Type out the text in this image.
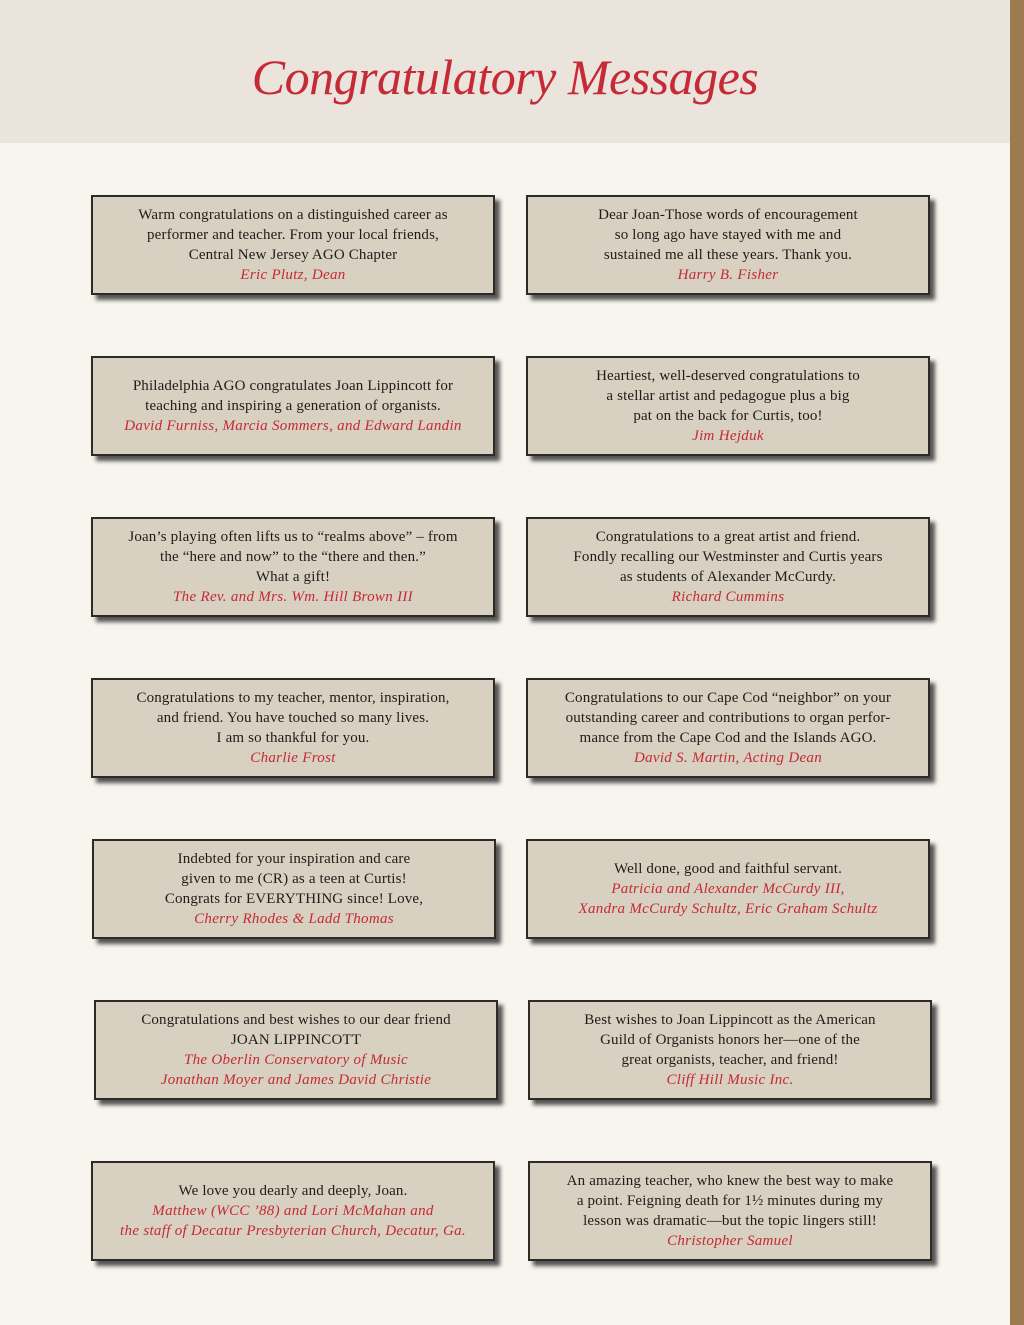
Congratulatory Messages
Warm congratulations on a distinguished career as
performer and teacher. From your local friends,
Central New Jersey AGO Chapter
Eric Plutz, Dean
Dear Joan-Those words of encouragement
so long ago have stayed with me and
sustained me all these years. Thank you.
Harry B. Fisher
Philadelphia AGO congratulates Joan Lippincott for
teaching and inspiring a generation of organists.
David Furniss, Marcia Sommers, and Edward Landin
Heartiest, well-deserved congratulations to
a stellar artist and pedagogue plus a big
pat on the back for Curtis, too!
Jim Hejduk
Joan’s playing often lifts us to “realms above” – from
the “here and now” to the “there and then.”
What a gift!
The Rev. and Mrs. Wm. Hill Brown III
Congratulations to a great artist and friend.
Fondly recalling our Westminster and Curtis years
as students of Alexander McCurdy.
Richard Cummins
Congratulations to my teacher, mentor, inspiration,
and friend. You have touched so many lives.
I am so thankful for you.
Charlie Frost
Congratulations to our Cape Cod “neighbor” on your
outstanding career and contributions to organ perfor-
mance from the Cape Cod and the Islands AGO.
David S. Martin, Acting Dean
Indebted for your inspiration and care
given to me (CR) as a teen at Curtis!
Congrats for EVERYTHING since! Love,
Cherry Rhodes & Ladd Thomas
Well done, good and faithful servant.
Patricia and Alexander McCurdy III,
Xandra McCurdy Schultz, Eric Graham Schultz
Congratulations and best wishes to our dear friend
JOAN LIPPINCOTT
The Oberlin Conservatory of Music
Jonathan Moyer and James David Christie
Best wishes to Joan Lippincott as the American
Guild of Organists honors her—one of the
great organists, teacher, and friend!
Cliff Hill Music Inc.
We love you dearly and deeply, Joan.
Matthew (WCC ’88) and Lori McMahan and
the staff of Decatur Presbyterian Church, Decatur, Ga.
An amazing teacher, who knew the best way to make
a point. Feigning death for 1½ minutes during my
lesson was dramatic—but the topic lingers still!
Christopher Samuel
